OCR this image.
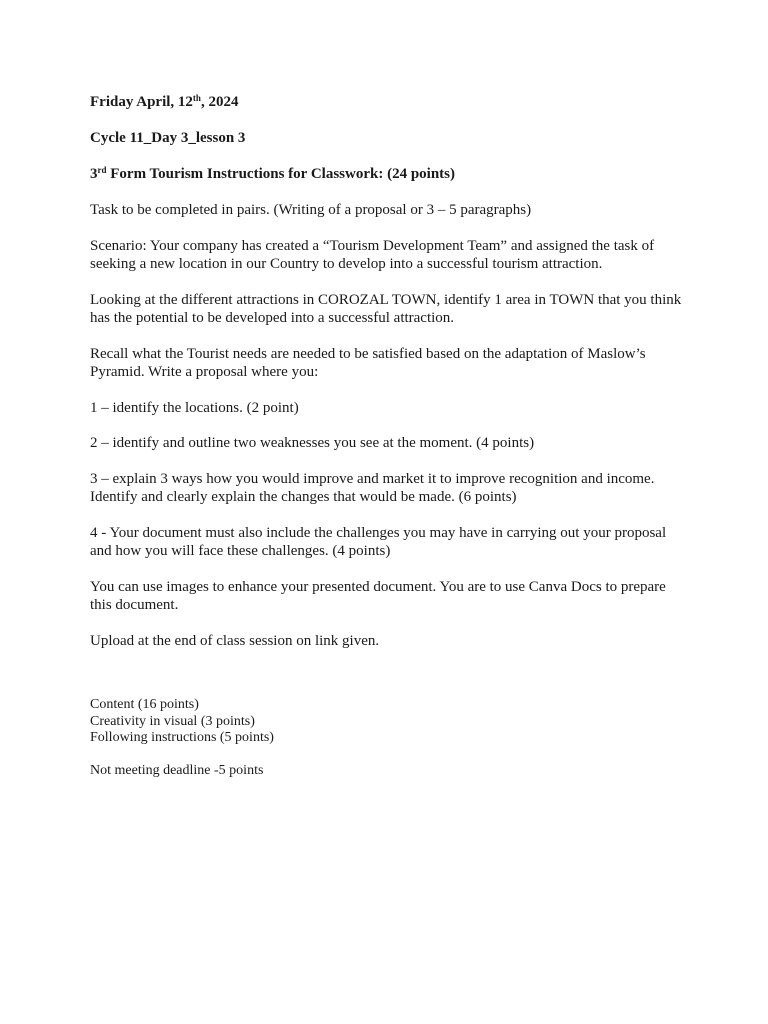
Friday April, 12th, 2024

Cycle 11_Day 3_lesson 3

3rd Form Tourism Instructions for Classwork: (24 points)

Task to be completed in pairs. (Writing of a proposal or 3 – 5 paragraphs)

Scenario: Your company has created a “Tourism Development Team” and assigned the task of seeking a new location in our Country to develop into a successful tourism attraction.

Looking at the different attractions in COROZAL TOWN, identify 1 area in TOWN that you think has the potential to be developed into a successful attraction.

Recall what the Tourist needs are needed to be satisfied based on the adaptation of Maslow’s Pyramid. Write a proposal where you:

1 – identify the locations. (2 point)

2 – identify and outline two weaknesses you see at the moment. (4 points)

3 – explain 3 ways how you would improve and market it to improve recognition and income. Identify and clearly explain the changes that would be made. (6 points)

4 - Your document must also include the challenges you may have in carrying out your proposal and how you will face these challenges. (4 points)

You can use images to enhance your presented document. You are to use Canva Docs to prepare this document.

Upload at the end of class session on link given.

Content (16 points)

Creativity in visual (3 points)

Following instructions (5 points)

Not meeting deadline -5 points
